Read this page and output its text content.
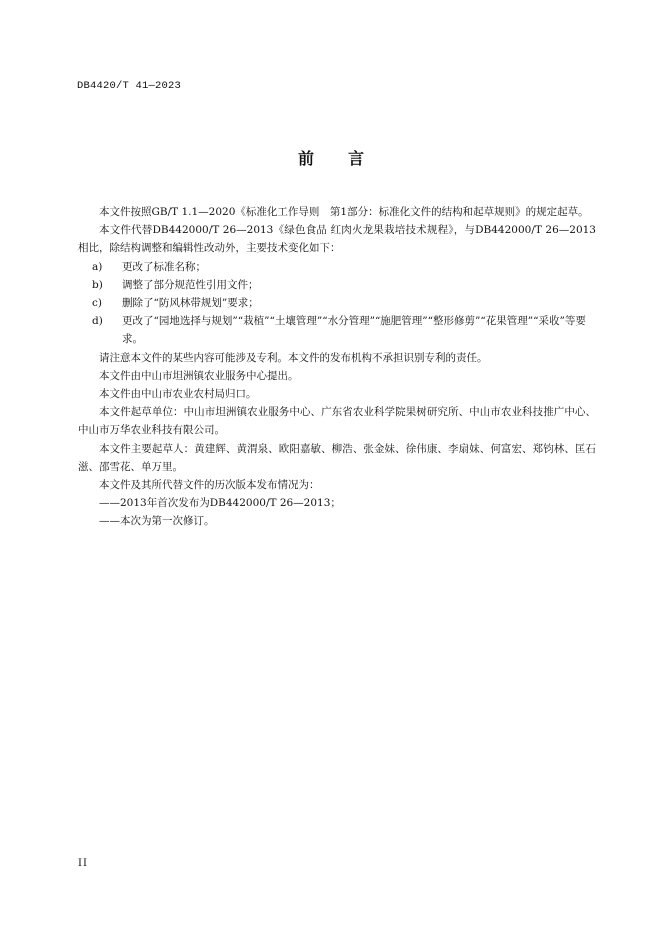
DB4420/T 41—2023
前言

本文件按照GB/T 1.1—2020《标准化工作导则　第1部分：标准化文件的结构和起草规则》的规定起草。

本文件代替DB442000/T 26—2013《绿色食品 红肉火龙果栽培技术规程》，与DB442000/T 26—2013相比，除结构调整和编辑性改动外，主要技术变化如下：

a)	更改了标准名称；
b)	调整了部分规范性引用文件；
c)	删除了“防风林带规划”要求；
d)	更改了“园地选择与规划”“栽植”“土壤管理”“水分管理”“施肥管理”“整形修剪”“花果管理”“采收”等要求。

请注意本文件的某些内容可能涉及专利。本文件的发布机构不承担识别专利的责任。

本文件由中山市坦洲镇农业服务中心提出。

本文件由中山市农业农村局归口。

本文件起草单位：中山市坦洲镇农业服务中心、广东省农业科学院果树研究所、中山市农业科技推广中心、中山市万华农业科技有限公司。

本文件主要起草人：黄建辉、黄渭泉、欧阳嘉敏、柳浩、张金妹、徐伟康、李扇妹、何富宏、郑钧林、匡石滋、邵雪花、单万里。

本文件及其所代替文件的历次版本发布情况为：

——2013年首次发布为DB442000/T 26—2013；

——本次为第一次修订。

II
